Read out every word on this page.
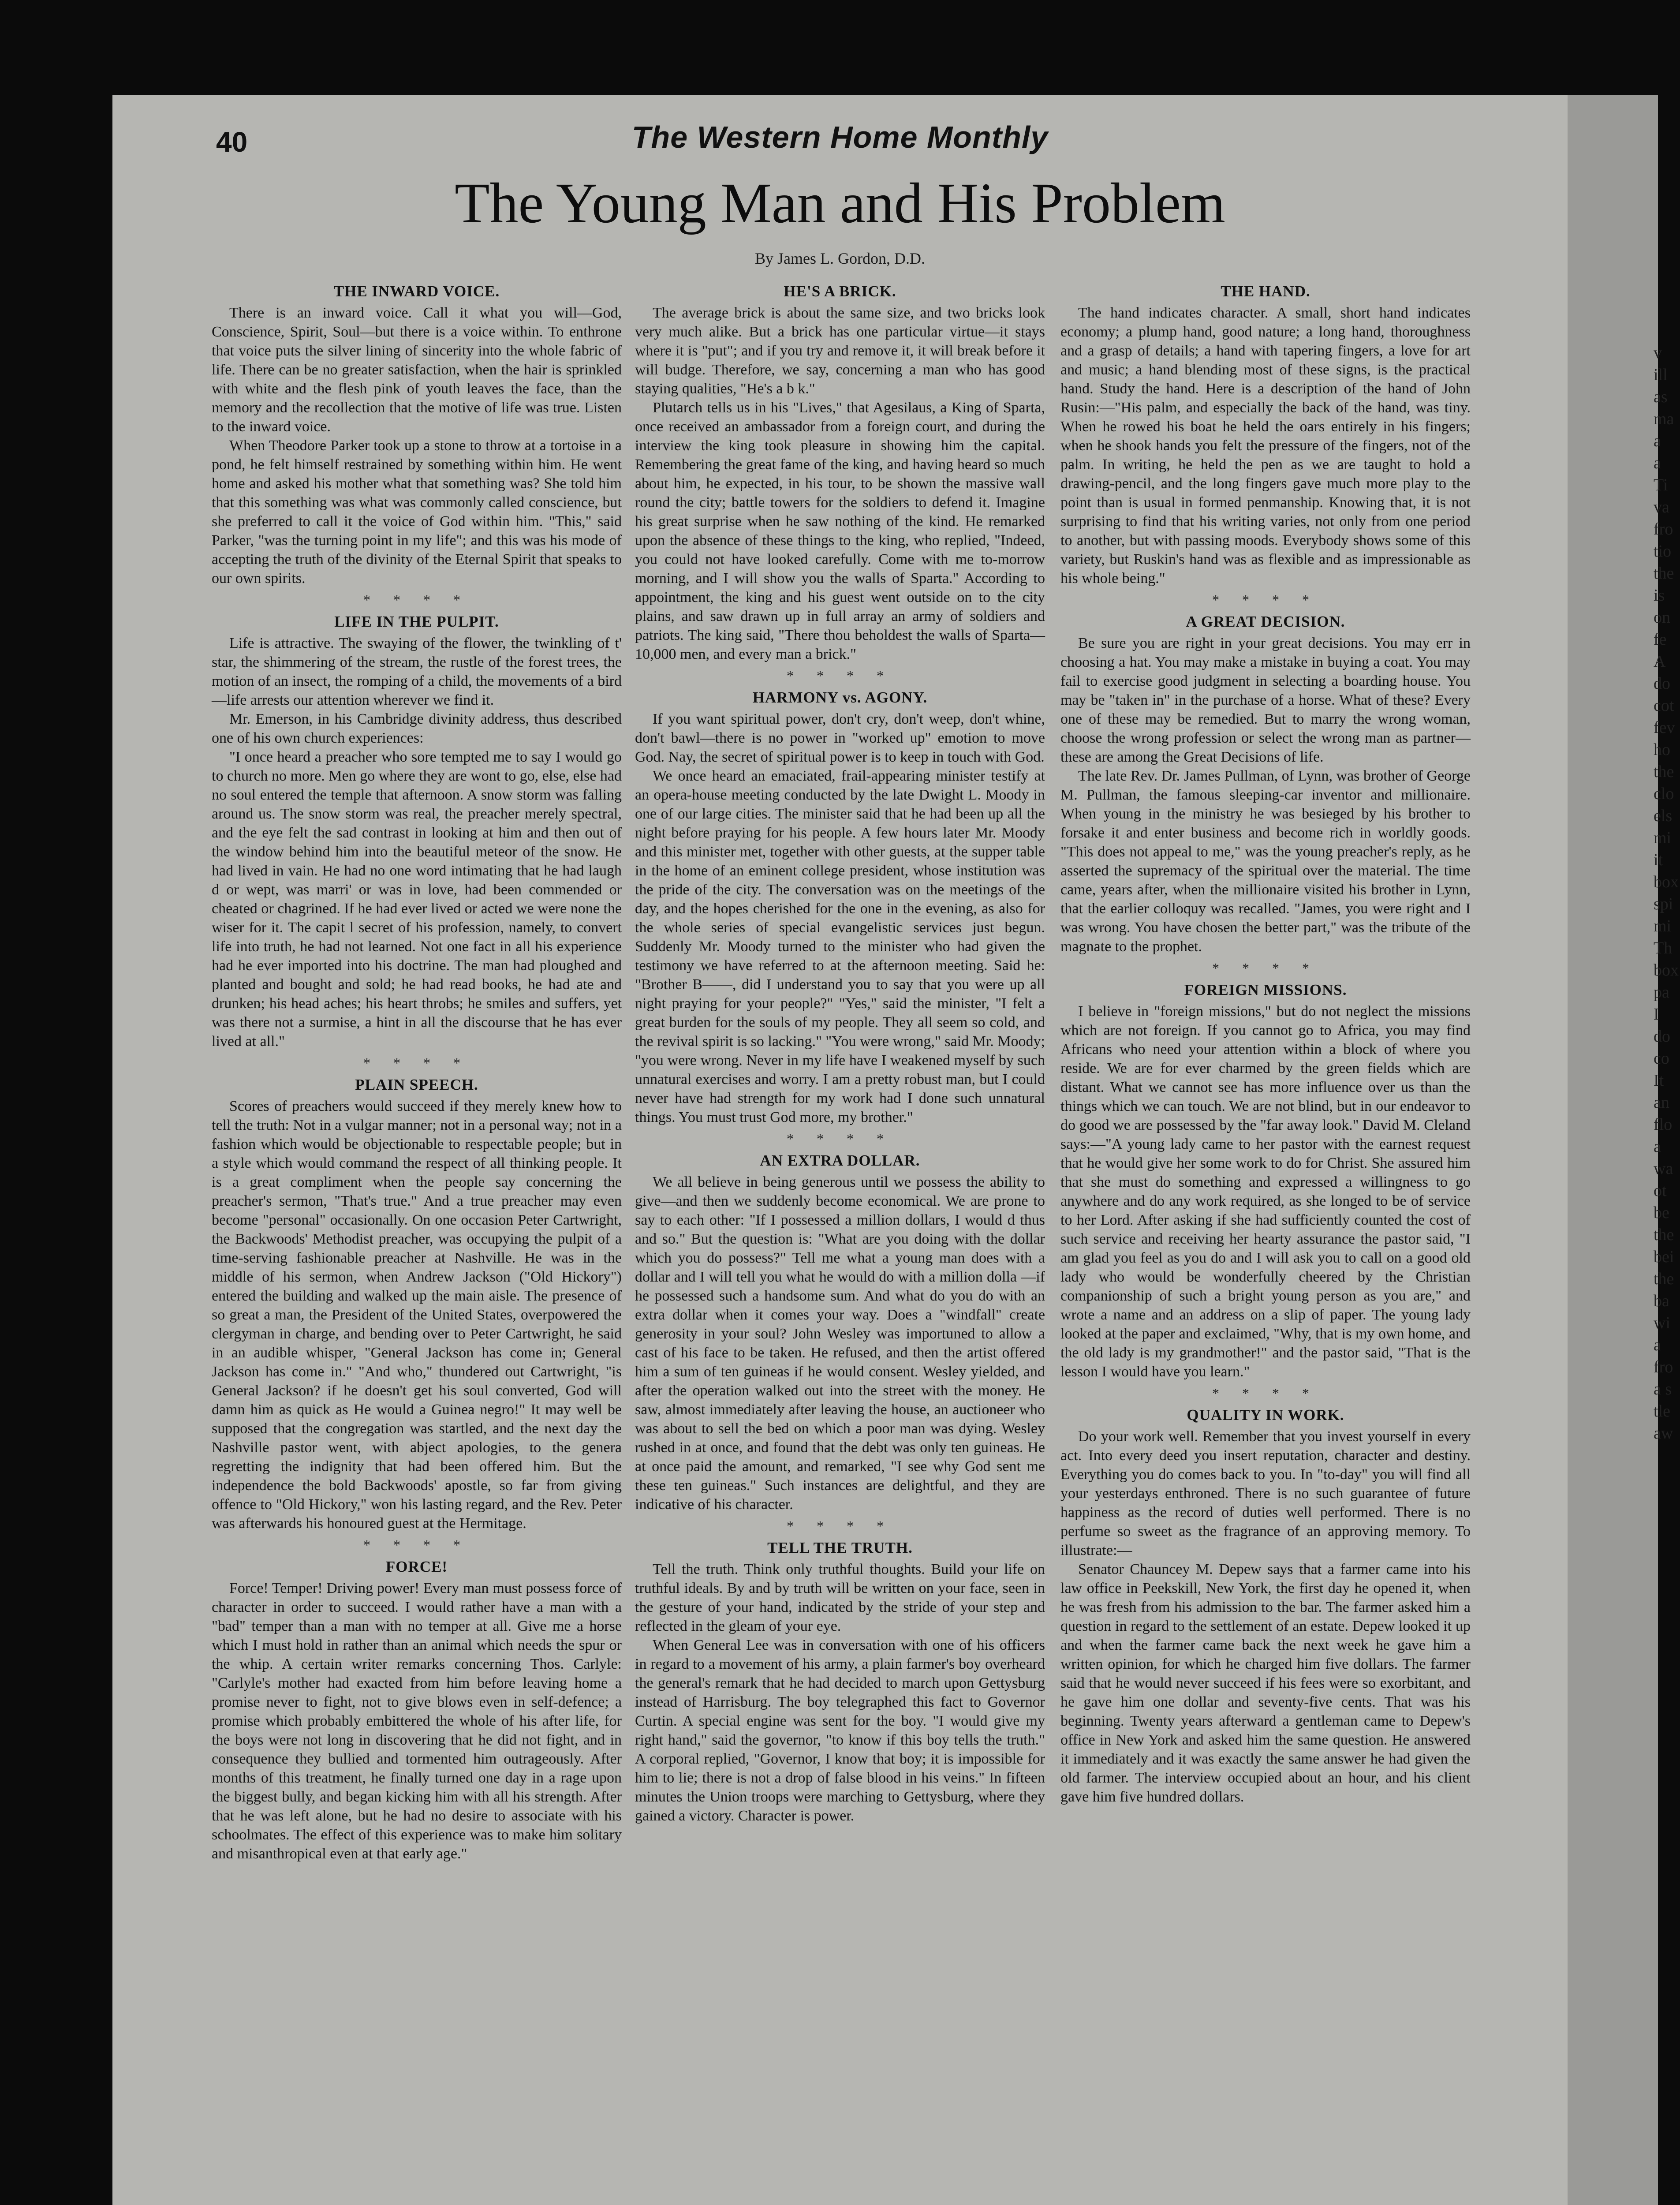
40	The Western Home Monthly
The Young Man and His Problem
By James L. Gordon, D.D.
THE INWARD VOICE.

There is an inward voice. Call it what you will—God, Conscience, Spirit, Soul—but there is a voice within. To enthrone that voice puts the silver lining of sincerity into the whole fabric of life. There can be no greater satisfaction, when the hair is sprinkled with white and the flesh pink of youth leaves the face, than the memory and the recollection that the motive of life was true. Listen to the inward voice.

When Theodore Parker took up a stone to throw at a tortoise in a pond, he felt himself restrained by something within him. He went home and asked his mother what that something was? She told him that this something was what was commonly called conscience, but she preferred to call it the voice of God within him. "This," said Parker, "was the turning point in my life"; and this was his mode of accepting the truth of the divinity of the Eternal Spirit that speaks to our own spirits.

* * * *
LIFE IN THE PULPIT.

Life is attractive. The swaying of the flower, the twinkling of t' star, the shimmering of the stream, the rustle of the forest trees, the motion of an insect, the romping of a child, the movements of a bird—life arrests our attention wherever we find it.

Mr. Emerson, in his Cambridge divinity address, thus described one of his own church experiences:

"I once heard a preacher who sore tempted me to say I would go to church no more. Men go where they are wont to go, else, else had no soul entered the temple that afternoon. A snow storm was falling around us. The snow storm was real, the preacher merely spectral, and the eye felt the sad contrast in looking at him and then out of the window behind him into the beautiful meteor of the snow. He had lived in vain. He had no one word intimating that he had laugh d or wept, was marri' or was in love, had been commended or cheated or chagrined. If he had ever lived or acted we were none the wiser for it. The capit l secret of his profession, namely, to convert life into truth, he had not learned. Not one fact in all his experience had he ever imported into his doctrine. The man had ploughed and planted and bought and sold; he had read books, he had ate and drunken; his head aches; his heart throbs; he smiles and suffers, yet was there not a surmise, a hint in all the discourse that he has ever lived at all."

* * * *
PLAIN SPEECH.

Scores of preachers would succeed if they merely knew how to tell the truth: Not in a vulgar manner; not in a personal way; not in a fashion which would be objectionable to respectable people; but in a style which would command the respect of all thinking people. It is a great compliment when the people say concerning the preacher's sermon, "That's true." And a true preacher may even become "personal" occasionally. On one occasion Peter Cartwright, the Backwoods' Methodist preacher, was occupying the pulpit of a time-serving fashionable preacher at Nashville. He was in the middle of his sermon, when Andrew Jackson ("Old Hickory") entered the building and walked up the main aisle. The presence of so great a man, the President of the United States, overpowered the clergyman in charge, and bending over to Peter Cartwright, he said in an audible whisper, "General Jackson has come in; General Jackson has come in." "And who," thundered out Cartwright, "is General Jackson? if he doesn't get his soul converted, God will damn him as quick as He would a Guinea negro!" It may well be supposed that the congregation was startled, and the next day the Nashville pastor went, with abject apologies, to the genera regretting the indignity that had been offered him. But the independence the bold Backwoods' apostle, so far from giving offence to "Old Hickory," won his lasting regard, and the Rev. Peter was afterwards his honoured guest at the Hermitage.

* * * *
FORCE!

Force! Temper! Driving power! Every man must possess force of character in order to succeed. I would rather have a man with a "bad" temper than a man with no temper at all. Give me a horse which I must hold in rather than an animal which needs the spur or the whip. A certain writer remarks concerning Thos. Carlyle: "Carlyle's mother had exacted from him before leaving home a promise never to fight, not to give blows even in self-defence; a promise which probably embittered the whole of his after life, for the boys were not long in discovering that he did not fight, and in consequence they bullied and tormented him outrageously. After months of this treatment, he finally turned one day in a rage upon the biggest bully, and began kicking him with all his strength. After that he was left alone, but he had no desire to associate with his schoolmates. The effect of this experience was to make him solitary and misanthropical even at that early age."

HE'S A BRICK.

The average brick is about the same size, and two bricks look very much alike. But a brick has one particular virtue—it stays where it is "put"; and if you try and remove it, it will break before it will budge. Therefore, we say, concerning a man who has good staying qualities, "He's a b k."

Plutarch tells us in his "Lives," that Agesilaus, a King of Sparta, once received an ambassador from a foreign court, and during the interview the king took pleasure in showing him the capital. Remembering the great fame of the king, and having heard so much about him, he expected, in his tour, to be shown the massive wall round the city; battle towers for the soldiers to defend it. Imagine his great surprise when he saw nothing of the kind. He remarked upon the absence of these things to the king, who replied, "Indeed, you could not have looked carefully. Come with me to-morrow morning, and I will show you the walls of Sparta." According to appointment, the king and his guest went outside on to the city plains, and saw drawn up in full array an army of soldiers and patriots. The king said, "There thou beholdest the walls of Sparta—10,000 men, and every man a brick."

* * * *
HARMONY vs. AGONY.

If you want spiritual power, don't cry, don't weep, don't whine, don't bawl—there is no power in "worked up" emotion to move God. Nay, the secret of spiritual power is to keep in touch with God.

We once heard an emaciated, frail-appearing minister testify at an opera-house meeting conducted by the late Dwight L. Moody in one of our large cities. The minister said that he had been up all the night before praying for his people. A few hours later Mr. Moody and this minister met, together with other guests, at the supper table in the home of an eminent college president, whose institution was the pride of the city. The conversation was on the meetings of the day, and the hopes cherished for the one in the evening, as also for the whole series of special evangelistic services just begun. Suddenly Mr. Moody turned to the minister who had given the testimony we have referred to at the afternoon meeting. Said he: "Brother B——, did I understand you to say that you were up all night praying for your people?" "Yes," said the minister, "I felt a great burden for the souls of my people. They all seem so cold, and the revival spirit is so lacking." "You were wrong," said Mr. Moody; "you were wrong. Never in my life have I weakened myself by such unnatural exercises and worry. I am a pretty robust man, but I could never have had strength for my work had I done such unnatural things. You must trust God more, my brother."

* * * *
AN EXTRA DOLLAR.

We all believe in being generous until we possess the ability to give—and then we suddenly become economical. We are prone to say to each other: "If I possessed a million dollars, I would d thus and so." But the question is: "What are you doing with the dollar which you do possess?" Tell me what a young man does with a dollar and I will tell you what he would do with a million dolla —if he possessed such a handsome sum. And what do you do with an extra dollar when it comes your way. Does a "windfall" create generosity in your soul? John Wesley was importuned to allow a cast of his face to be taken. He refused, and then the artist offered him a sum of ten guineas if he would consent. Wesley yielded, and after the operation walked out into the street with the money. He saw, almost immediately after leaving the house, an auctioneer who was about to sell the bed on which a poor man was dying. Wesley rushed in at once, and found that the debt was only ten guineas. He at once paid the amount, and remarked, "I see why God sent me these ten guineas." Such instances are delightful, and they are indicative of his character.

* * * *
TELL THE TRUTH.

Tell the truth. Think only truthful thoughts. Build your life on truthful ideals. By and by truth will be written on your face, seen in the gesture of your hand, indicated by the stride of your step and reflected in the gleam of your eye.

When General Lee was in conversation with one of his officers in regard to a movement of his army, a plain farmer's boy overheard the general's remark that he had decided to march upon Gettysburg instead of Harrisburg. The boy telegraphed this fact to Governor Curtin. A special engine was sent for the boy. "I would give my right hand," said the governor, "to know if this boy tells the truth." A corporal replied, "Governor, I know that boy; it is impossible for him to lie; there is not a drop of false blood in his veins." In fifteen minutes the Union troops were marching to Gettysburg, where they gained a victory. Character is power.

THE HAND.

The hand indicates character. A small, short hand indicates economy; a plump hand, good nature; a long hand, thoroughness and a grasp of details; a hand with tapering fingers, a love for art and music; a hand blending most of these signs, is the practical hand. Study the hand. Here is a description of the hand of John Rusin:—"His palm, and especially the back of the hand, was tiny. When he rowed his boat he held the oars entirely in his fingers; when he shook hands you felt the pressure of the fingers, not of the palm. In writing, he held the pen as we are taught to hold a drawing-pencil, and the long fingers gave much more play to the point than is usual in formed penmanship. Knowing that, it is not surprising to find that his writing varies, not only from one period to another, but with passing moods. Everybody shows some of this variety, but Ruskin's hand was as flexible and as impressionable as his whole being."

* * * *
A GREAT DECISION.

Be sure you are right in your great decisions. You may err in choosing a hat. You may make a mistake in buying a coat. You may fail to exercise good judgment in selecting a boarding house. You may be "taken in" in the purchase of a horse. What of these? Every one of these may be remedied. But to marry the wrong woman, choose the wrong profession or select the wrong man as partner—these are among the Great Decisions of life.

The late Rev. Dr. James Pullman, of Lynn, was brother of George M. Pullman, the famous sleeping-car inventor and millionaire. When young in the ministry he was besieged by his brother to forsake it and enter business and become rich in worldly goods. "This does not appeal to me," was the young preacher's reply, as he asserted the supremacy of the spiritual over the material. The time came, years after, when the millionaire visited his brother in Lynn, that the earlier colloquy was recalled. "James, you were right and I was wrong. You have chosen the better part," was the tribute of the magnate to the prophet.

* * * *
FOREIGN MISSIONS.

I believe in "foreign missions," but do not neglect the missions which are not foreign. If you cannot go to Africa, you may find Africans who need your attention within a block of where you reside. We are for ever charmed by the green fields which are distant. What we cannot see has more influence over us than the things which we can touch. We are not blind, but in our endeavor to do good we are possessed by the "far away look." David M. Cleland says:—"A young lady came to her pastor with the earnest request that he would give her some work to do for Christ. She assured him that she must do something and expressed a willingness to go anywhere and do any work required, as she longed to be of service to her Lord. After asking if she had sufficiently counted the cost of such service and receiving her hearty assurance the pastor said, "I am glad you feel as you do and I will ask you to call on a good old lady who would be wonderfully cheered by the Christian companionship of such a bright young person as you are," and wrote a name and an address on a slip of paper. The young lady looked at the paper and exclaimed, "Why, that is my own home, and the old lady is my grandmother!" and the pastor said, "That is the lesson I would have you learn."

* * * *
QUALITY IN WORK.

Do your work well. Remember that you invest yourself in every act. Into every deed you insert reputation, character and destiny. Everything you do comes back to you. In "to-day" you will find all your yesterdays enthroned. There is no such guarantee of future happiness as the record of duties well performed. There is no perfume so sweet as the fragrance of an approving memory. To illustrate:—

Senator Chauncey M. Depew says that a farmer came into his law office in Peekskill, New York, the first day he opened it, when he was fresh from his admission to the bar. The farmer asked him a question in regard to the settlement of an estate. Depew looked it up and when the farmer came back the next week he gave him a written opinion, for which he charged him five dollars. The farmer said that he would never succeed if his fees were so exorbitant, and he gave him one dollar and seventy-five cents. That was his beginning. Twenty years afterward a gentleman came to Depew's office in New York and asked him the same question. He answered it immediately and it was exactly the same answer he had given the old farmer. The interview occupied about an hour, and his client gave him five hundred dollars.

v
ill
as
ma
a
a
Ti
va
fro
tio
the
is
on
fe
A
do
cot
fev
ho
the
clo
els
mi
it
box
spi
mi
Th
box
pa
I
do
co
It
an
flo
a
wa
ot
be
the
bei
the
ba
wi
a
fro
a s
tle
aw
